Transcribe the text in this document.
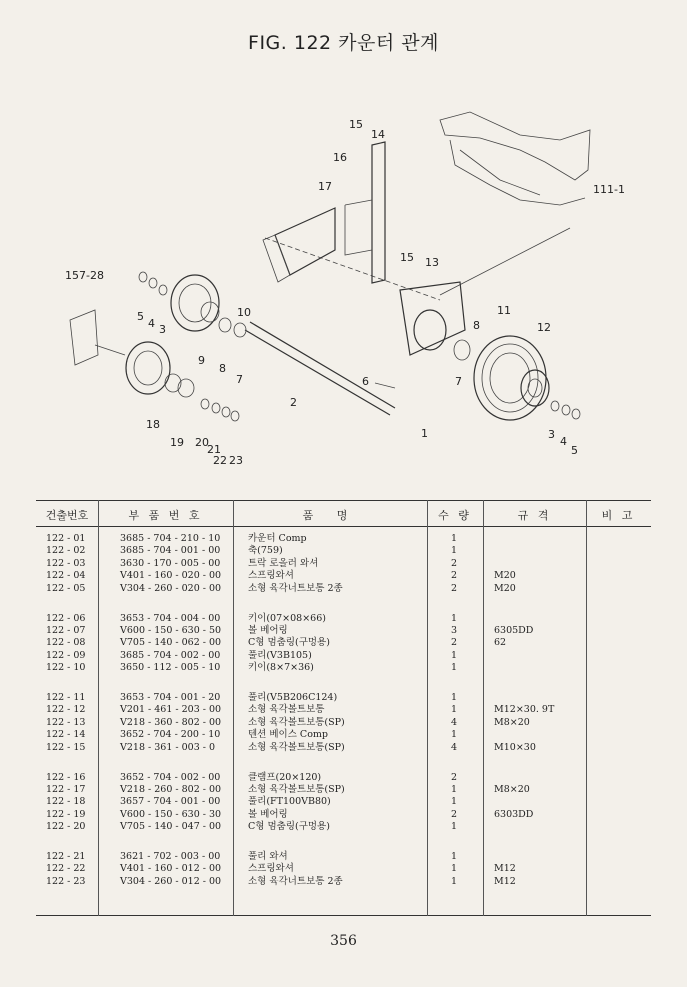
FIG. 122 카운터 관계
15
14
16
17	111-1
157-28
15 13
5
4 3
10	11
12
8
9
8
7	6	7
2
18
19 20
21
22 23
3
4
5
1
건출번호	부 품 번 호	품 명	수 량	규 격	비 고
122 - 01	3685 - 704 - 210 - 10	카운터 Comp	1
122 - 02	3685 - 704 - 001 - 00	축(759)	1
122 - 03	3630 - 170 - 005 - 00	트락 로올러 와셔	2
122 - 04	V401 - 160 - 020 - 00	스프링와셔	2	M20
122 - 05	V304 - 260 - 020 - 00	소형 육각너트보통 2종	2	M20
122 - 06	3653 - 704 - 004 - 00	키이(07×08×66)	1
122 - 07	V600 - 150 - 630 - 50	볼 베어링	3	6305DD
122 - 08	V705 - 140 - 062 - 00	C형 멈춤링(구멍용)	2	62
122 - 09	3685 - 704 - 002 - 00	풀리(V3B105)	1
122 - 10	3650 - 112 - 005 - 10	키이(8×7×36)	1
122 - 11	3653 - 704 - 001 - 20	풀리(V5B206C124)	1
122 - 12	V201 - 461 - 203 - 00	소형 육각볼트보통	1	M12×30. 9T
122 - 13	V218 - 360 - 802 - 00	소형 육각볼트보통(SP)	4	M8×20
122 - 14	3652 - 704 - 200 - 10	텐션 베이스 Comp	1
122 - 15	V218 - 361 - 003 - 0	소형 육각볼트보통(SP)	4	M10×30
122 - 16	3652 - 704 - 002 - 00	클램프(20×120)	2
122 - 17	V218 - 260 - 802 - 00	소형 육각볼트보통(SP)	1	M8×20
122 - 18	3657 - 704 - 001 - 00	풀리(FT100VB80)	1
122 - 19	V600 - 150 - 630 - 30	볼 베어링	2	6303DD
122 - 20	V705 - 140 - 047 - 00	C형 멈춤링(구멍용)	1
122 - 21	3621 - 702 - 003 - 00	풀리 와셔	1
122 - 22	V401 - 160 - 012 - 00	스프링와셔	1	M12
122 - 23	V304 - 260 - 012 - 00	소형 육각너트보통 2종	1	M12
356
